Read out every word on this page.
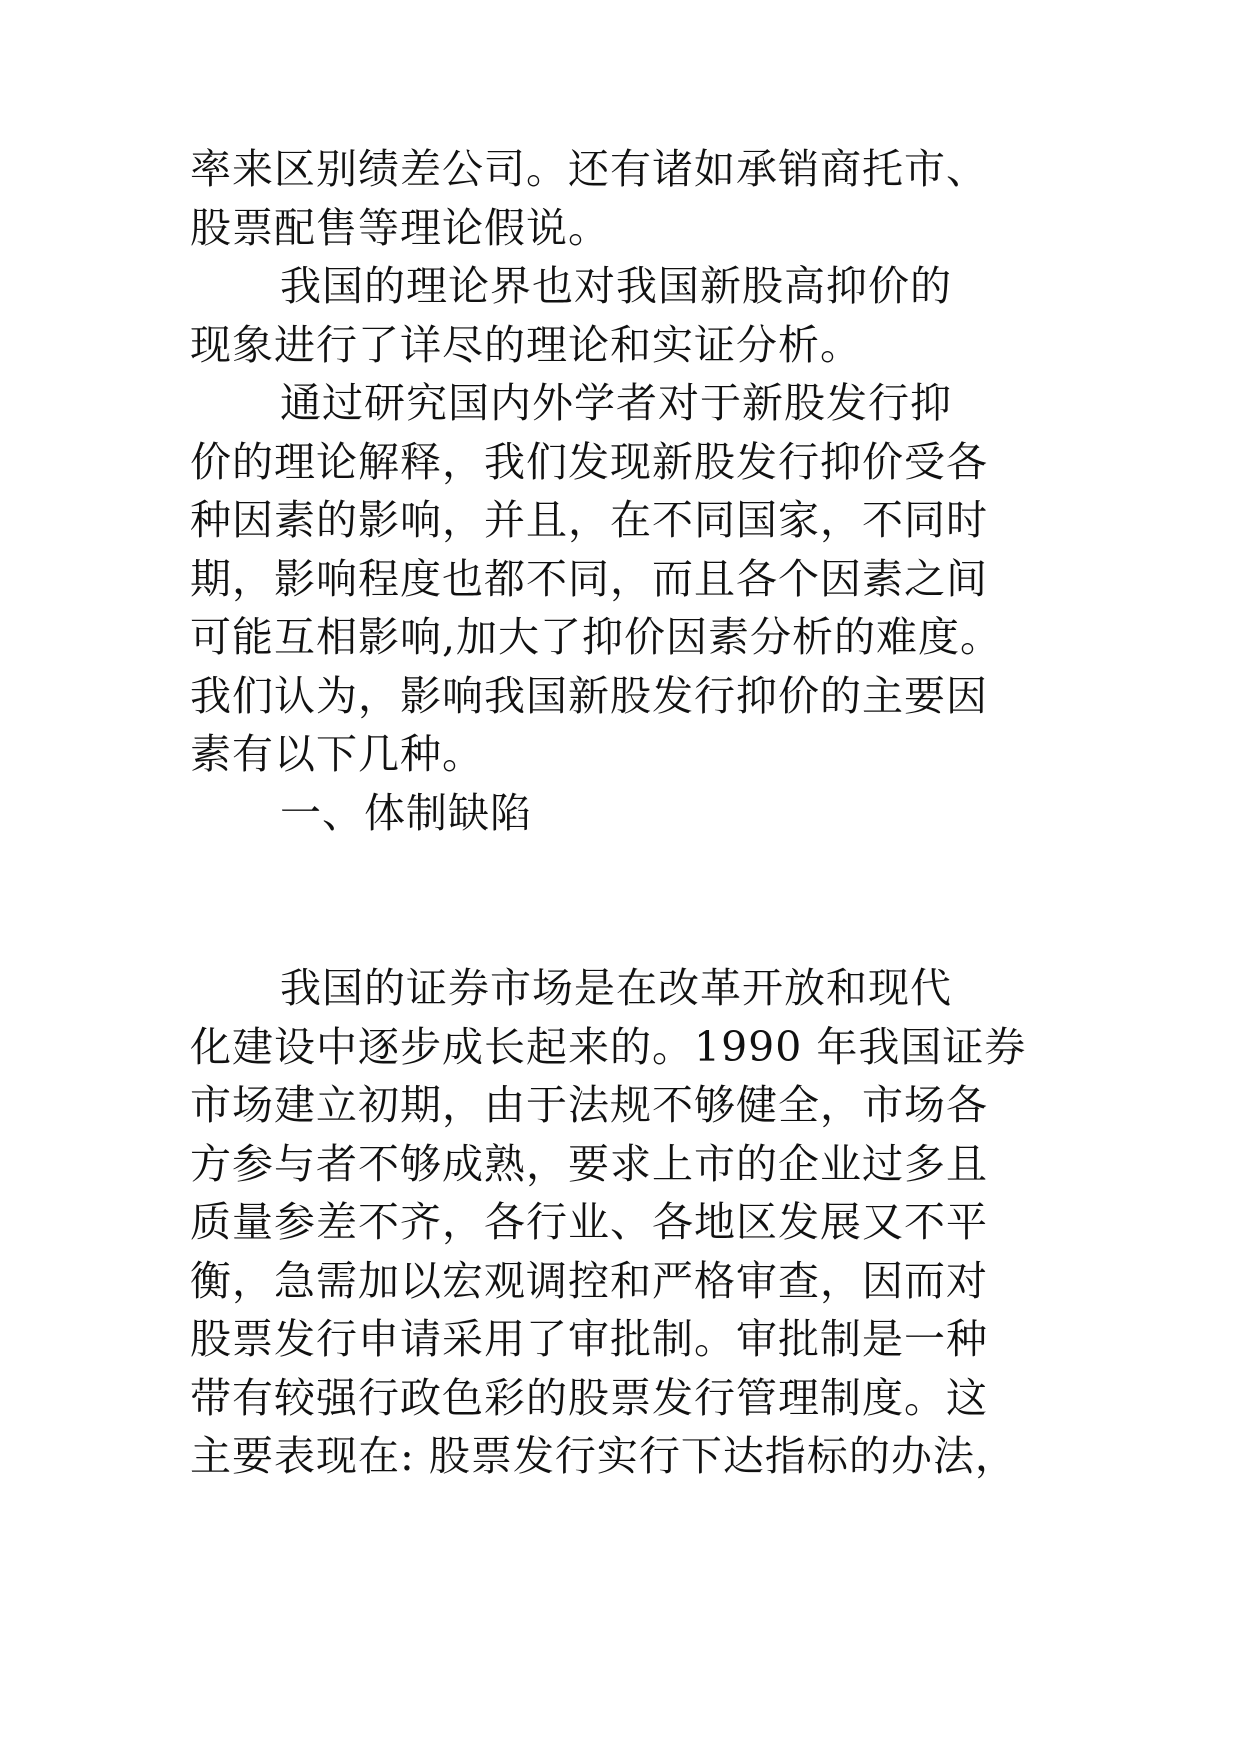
率来区别绩差公司。还有诸如承销商托市、
股票配售等理论假说。
我国的理论界也对我国新股高抑价的
现象进行了详尽的理论和实证分析。
通过研究国内外学者对于新股发行抑
价的理论解释，我们发现新股发行抑价受各
种因素的影响，并且，在不同国家，不同时
期，影响程度也都不同，而且各个因素之间
可能互相影响,加大了抑价因素分析的难度。
我们认为，影响我国新股发行抑价的主要因
素有以下几种。
一、体制缺陷
我国的证券市场是在改革开放和现代
化建设中逐步成长起来的。1990 年我国证券
市场建立初期，由于法规不够健全，市场各
方参与者不够成熟，要求上市的企业过多且
质量参差不齐，各行业、各地区发展又不平
衡，急需加以宏观调控和严格审查，因而对
股票发行申请采用了审批制。审批制是一种
带有较强行政色彩的股票发行管理制度。这
主要表现在: 股票发行实行下达指标的办法，
